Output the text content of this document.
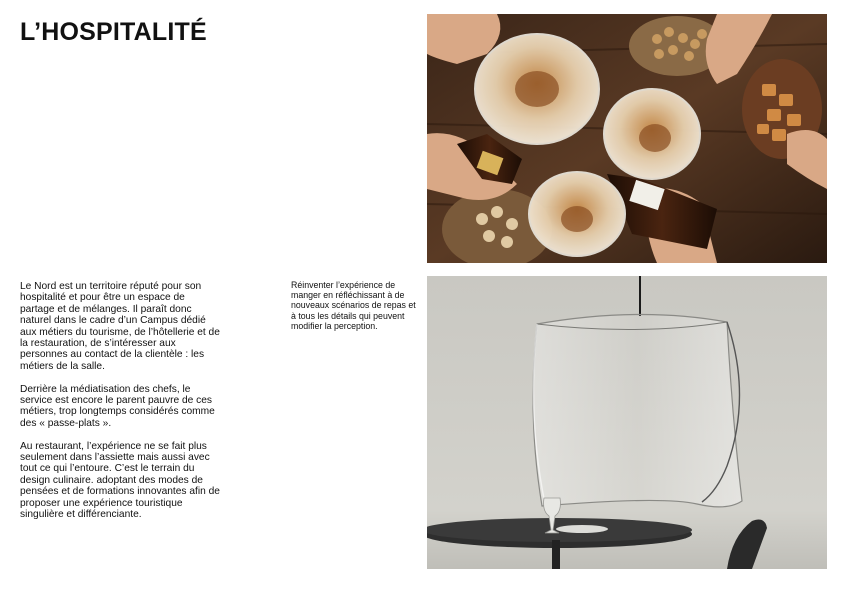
L’HOSPITALITÉ

Le Nord est un territoire réputé pour son hospitalité et pour être un espace de partage et de mélanges. Il paraît donc naturel dans le cadre d’un Campus dédié aux métiers du tourisme, de l’hôtellerie et de la restauration, de s’intéresser aux personnes au contact de la clientèle : les métiers de la salle.

Derrière la médiatisation des chefs, le service est encore le parent pauvre de ces métiers, trop longtemps considérés comme des « passe-plats ».

Au restaurant, l’expérience ne se fait plus seulement dans l’assiette mais aussi avec tout ce qui l’entoure. C’est le terrain du design culinaire. adoptant des modes de pensées et de formations innovantes afin de proposer une expérience touristique singulière et différenciante.

Réinventer l’expérience de manger en réfléchissant à de nouveaux scénarios de repas et à tous les détails qui peuvent modifier la perception.
